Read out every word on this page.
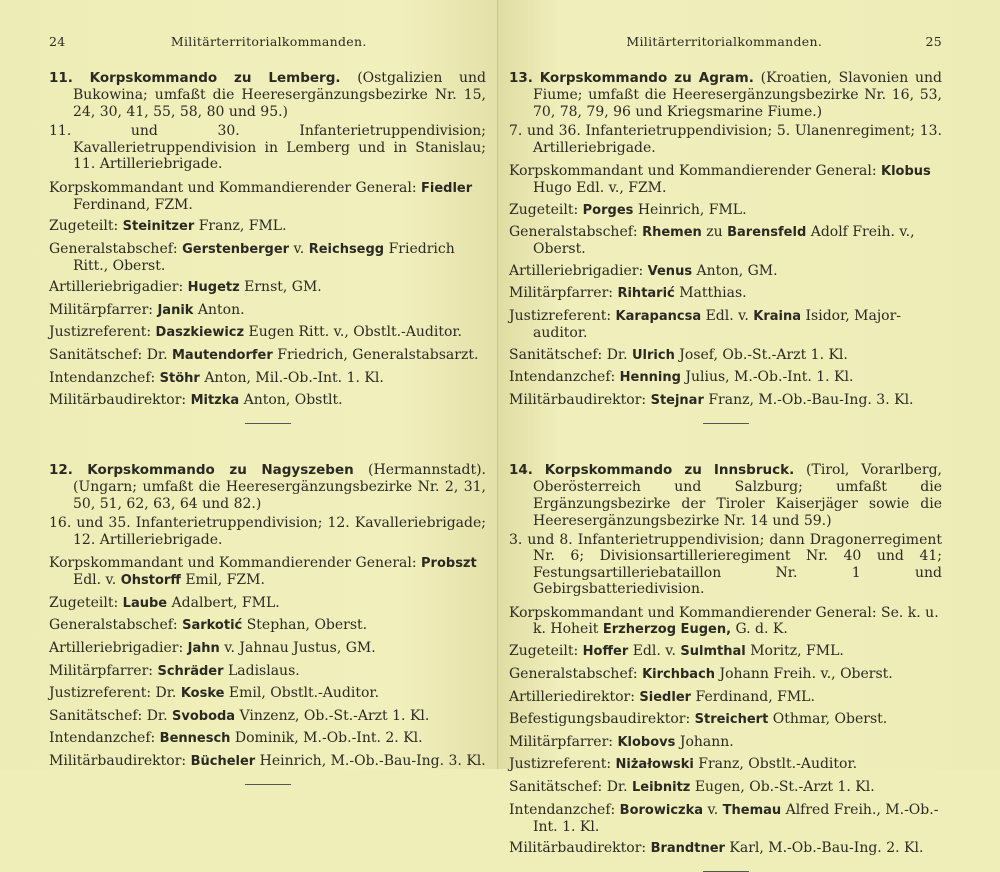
24	Militärterritorialkommanden.
11. Korpskommando zu Lemberg. (Ostgalizien und Bukowina; umfaßt die Heeresergänzungsbezirke Nr. 15, 24, 30, 41, 55, 58, 80 und 95.)
11. und 30. Infanterietruppendivision; Kavallerietruppendivision in Lemberg und in Stanislau; 11. Artilleriebrigade.
Korpskommandant und Kommandierender General: Fiedler Ferdinand, FZM.
Zugeteilt: Steinitzer Franz, FML.
Generalstabschef: Gerstenberger v. Reichsegg Friedrich Ritt., Oberst.
Artilleriebrigadier: Hugetz Ernst, GM.
Militärpfarrer: Janik Anton.
Justizreferent: Daszkiewicz Eugen Ritt. v., Obstlt.-Auditor.
Sanitätschef: Dr. Mautendorfer Friedrich, Generalstabsarzt.
Intendanzchef: Stöhr Anton, Mil.-Ob.-Int. 1. Kl.
Militärbaudirektor: Mitzka Anton, Obstlt.
12. Korpskommando zu Nagyszeben (Hermannstadt). (Ungarn; umfaßt die Heeresergänzungsbezirke Nr. 2, 31, 50, 51, 62, 63, 64 und 82.)
16. und 35. Infanterietruppendivision; 12. Kavalleriebrigade; 12. Artilleriebrigade.
Korpskommandant und Kommandierender General: Probszt Edl. v. Ohstorff Emil, FZM.
Zugeteilt: Laube Adalbert, FML.
Generalstabschef: Sarkotić Stephan, Oberst.
Artilleriebrigadier: Jahn v. Jahnau Justus, GM.
Militärpfarrer: Schräder Ladislaus.
Justizreferent: Dr. Koske Emil, Obstlt.-Auditor.
Sanitätschef: Dr. Svoboda Vinzenz, Ob.-St.-Arzt 1. Kl.
Intendanzchef: Bennesch Dominik, M.-Ob.-Int. 2. Kl.
Militärbaudirektor: Bücheler Heinrich, M.-Ob.-Bau-Ing. 3. Kl.
Militärterritorialkommanden.	25
13. Korpskommando zu Agram. (Kroatien, Slavonien und Fiume; umfaßt die Heeresergänzungsbezirke Nr. 16, 53, 70, 78, 79, 96 und Kriegsmarine Fiume.)
7. und 36. Infanterietruppendivision; 5. Ulanenregiment; 13. Artilleriebrigade.
Korpskommandant und Kommandierender General: Klobus Hugo Edl. v., FZM.
Zugeteilt: Porges Heinrich, FML.
Generalstabschef: Rhemen zu Barensfeld Adolf Freih. v., Oberst.
Artilleriebrigadier: Venus Anton, GM.
Militärpfarrer: Rihtarić Matthias.
Justizreferent: Karapancsa Edl. v. Kraina Isidor, Major-auditor.
Sanitätschef: Dr. Ulrich Josef, Ob.-St.-Arzt 1. Kl.
Intendanzchef: Henning Julius, M.-Ob.-Int. 1. Kl.
Militärbaudirektor: Stejnar Franz, M.-Ob.-Bau-Ing. 3. Kl.
14. Korpskommando zu Innsbruck. (Tirol, Vorarlberg, Oberösterreich und Salzburg; umfaßt die Ergänzungsbezirke der Tiroler Kaiserjäger sowie die Heeresergänzungsbezirke Nr. 14 und 59.)
3. und 8. Infanterietruppendivision; dann Dragonerregiment Nr. 6; Divisionsartillerieregiment Nr. 40 und 41; Festungsartilleriebataillon Nr. 1 und Gebirgsbatteriedivision.
Korpskommandant und Kommandierender General: Se. k. u. k. Hoheit Erzherzog Eugen, G. d. K.
Zugeteilt: Hoffer Edl. v. Sulmthal Moritz, FML.
Generalstabschef: Kirchbach Johann Freih. v., Oberst.
Artilleriedirektor: Siedler Ferdinand, FML.
Befestigungsbaudirektor: Streichert Othmar, Oberst.
Militärpfarrer: Klobovs Johann.
Justizreferent: Niżałowski Franz, Obstlt.-Auditor.
Sanitätschef: Dr. Leibnitz Eugen, Ob.-St.-Arzt 1. Kl.
Intendanzchef: Borowiczka v. Themau Alfred Freih., M.-Ob.-Int. 1. Kl.
Militärbaudirektor: Brandtner Karl, M.-Ob.-Bau-Ing. 2. Kl.
